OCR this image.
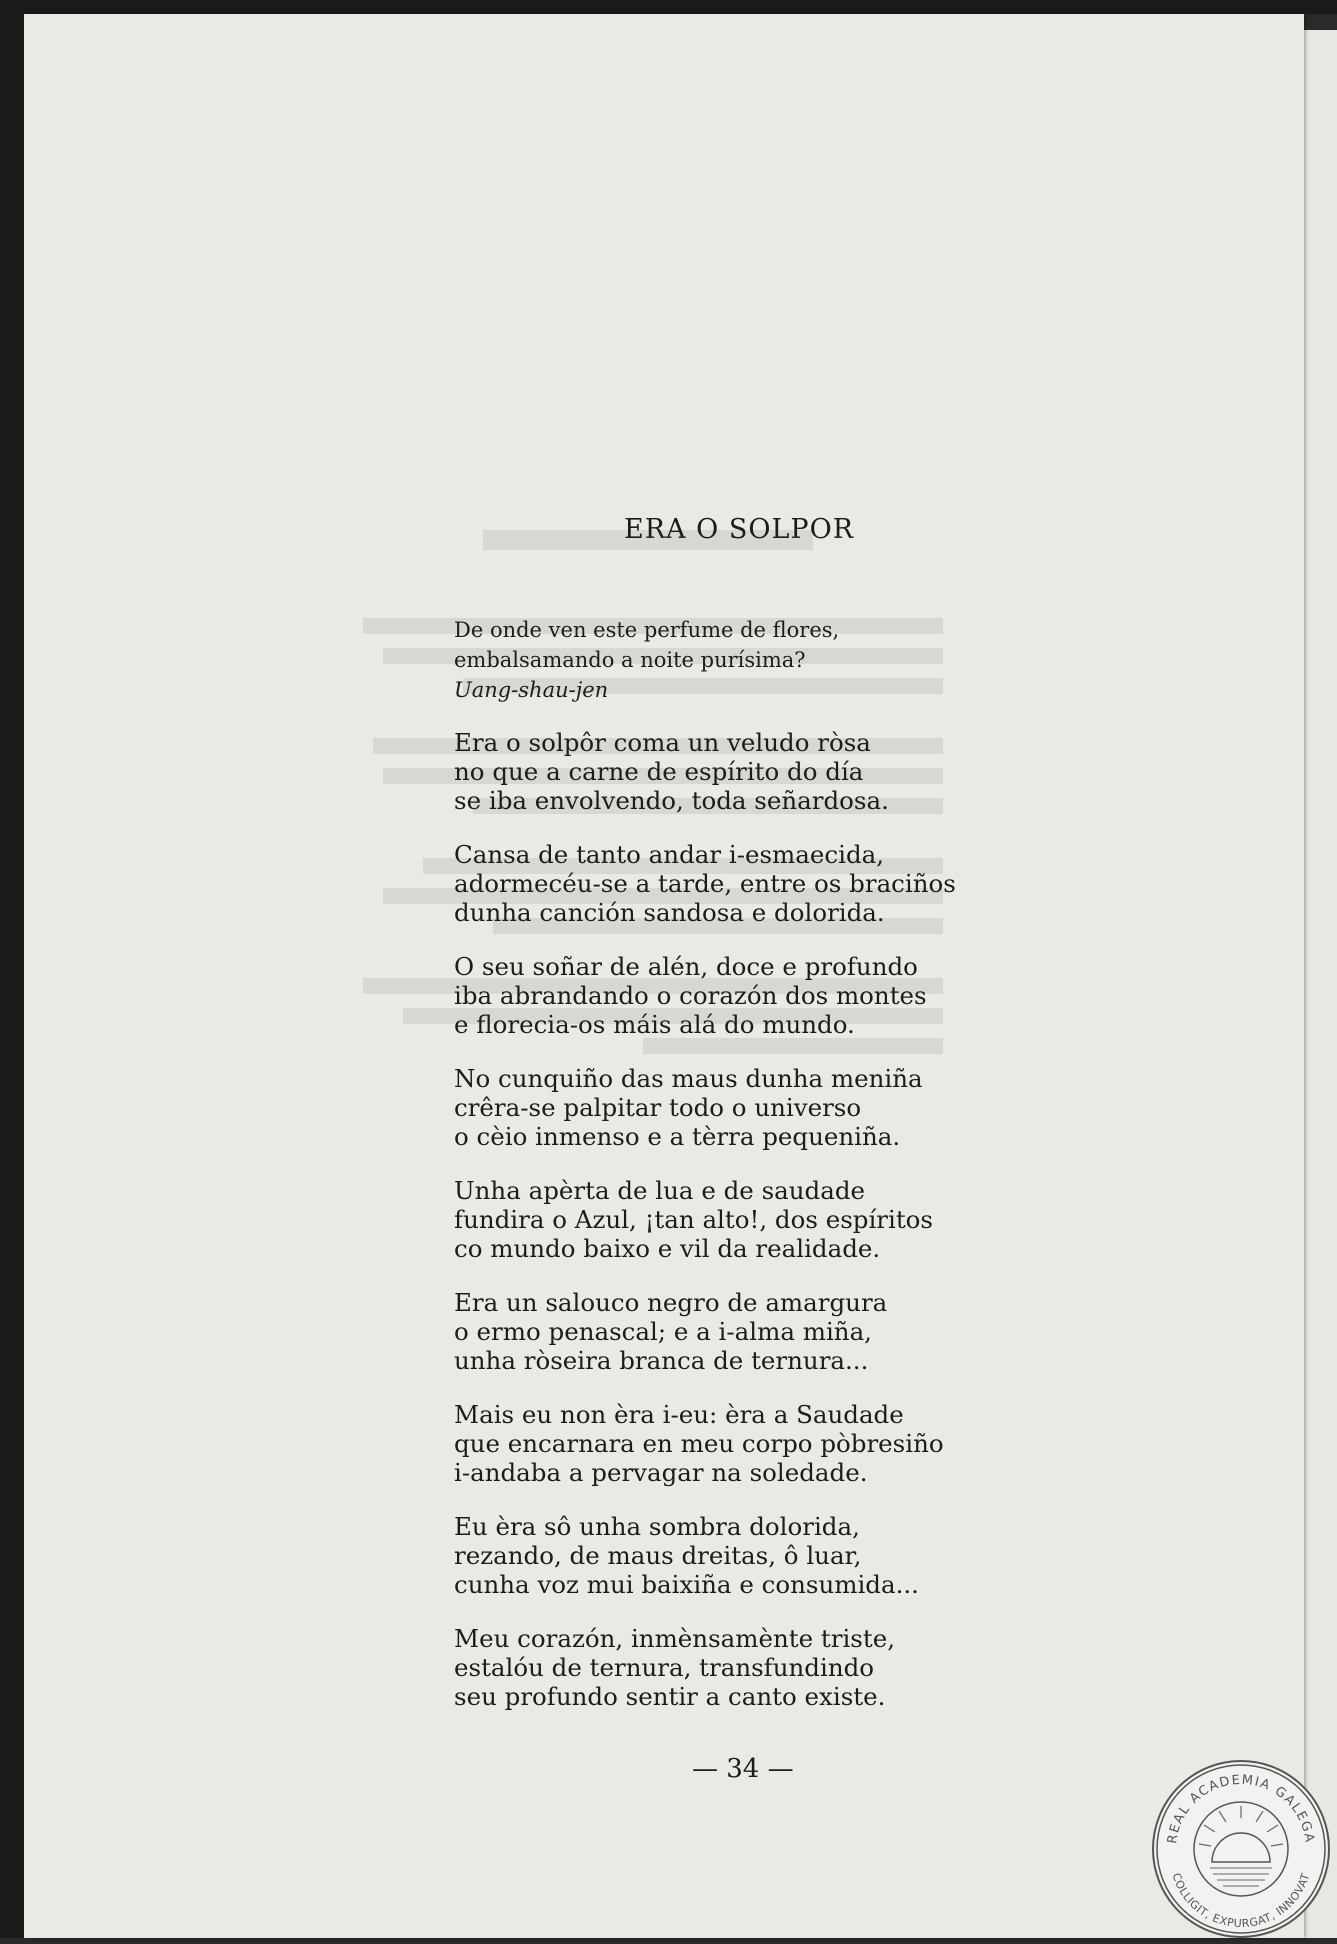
ERA O SOLPOR
De onde ven este perfume de flores,
embalsamando a noite purísima?
Uang-shau-jen
Era o solpôr coma un veludo ròsa
no que a carne de espírito do día
se iba envolvendo, toda señardosa.
Cansa de tanto andar i-esmaecida,
adormecéu-se a tarde, entre os braciños
dunha canción sandosa e dolorida.
O seu soñar de alén, doce e profundo
iba abrandando o corazón dos montes
e florecia-os máis alá do mundo.
No cunquiño das maus dunha meniña
crêra-se palpitar todo o universo
o cèio inmenso e a tèrra pequeniña.
Unha apèrta de lua e de saudade
fundira o Azul, ¡tan alto!, dos espíritos
co mundo baixo e vil da realidade.
Era un salouco negro de amargura
o ermo penascal; e a i-alma miña,
unha ròseira branca de ternura...
Mais eu non èra i-eu: èra a Saudade
que encarnara en meu corpo pòbresiño
i-andaba a pervagar na soledade.
Eu èra sô unha sombra dolorida,
rezando, de maus dreitas, ô luar,
cunha voz mui baixiña e consumida...
Meu corazón, inmènsamènte triste,
estalóu de ternura, transfundindo
seu profundo sentir a canto existe.
— 34 —
REAL ACADEMIA GALEGA
COLLIGIT, EXPURGAT, INNOVAT
